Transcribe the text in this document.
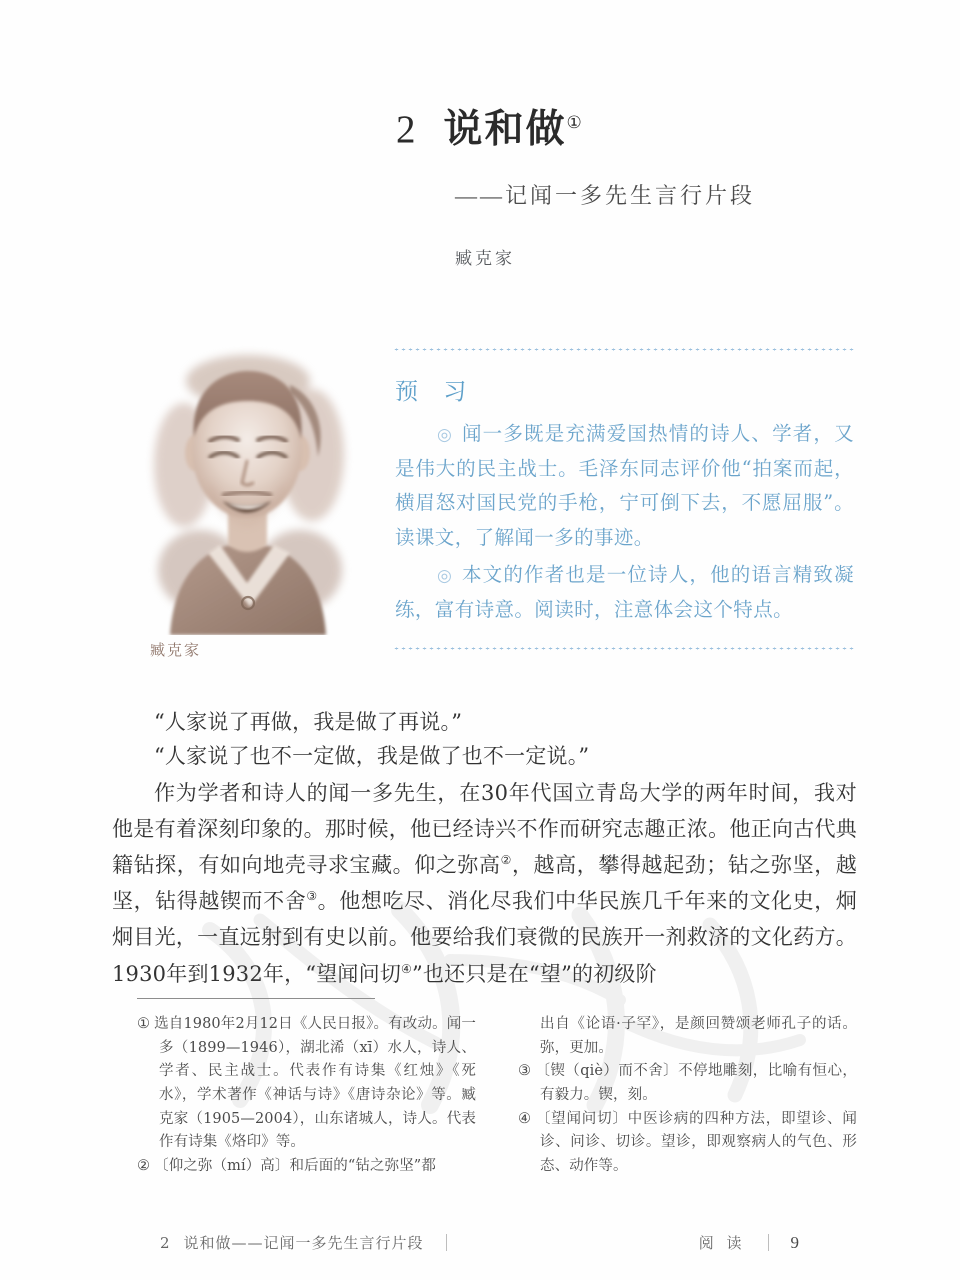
2 说和做①
——记闻一多先生言行片段
臧克家
臧克家
预 习
◎ 闻一多既是充满爱国热情的诗人、学者，又是伟大的民主战士。毛泽东同志评价他“拍案而起，横眉怒对国民党的手枪，宁可倒下去，不愿屈服”。读课文，了解闻一多的事迹。
◎ 本文的作者也是一位诗人，他的语言精致凝练，富有诗意。阅读时，注意体会这个特点。
“人家说了再做，我是做了再说。”
“人家说了也不一定做，我是做了也不一定说。”
作为学者和诗人的闻一多先生，在30年代国立青岛大学的两年时间，我对他是有着深刻印象的。那时候，他已经诗兴不作而研究志趣正浓。他正向古代典籍钻探，有如向地壳寻求宝藏。仰之弥高②，越高，攀得越起劲；钻之弥坚，越坚，钻得越锲而不舍③。他想吃尽、消化尽我们中华民族几千年来的文化史，炯炯目光，一直远射到有史以前。他要给我们衰微的民族开一剂救济的文化药方。1930年到1932年，“望闻问切④”也还只是在“望”的初级阶
① 选自1980年2月12日《人民日报》。有改动。闻一多（1899—1946），湖北浠（xī）水人，诗人、学者、民主战士。代表作有诗集《红烛》《死水》，学术著作《神话与诗》《唐诗杂论》等。臧克家（1905—2004），山东诸城人，诗人。代表作有诗集《烙印》等。
② 〔仰之弥（mí）高〕和后面的“钻之弥坚”都
出自《论语·子罕》，是颜回赞颂老师孔子的话。弥，更加。
③ 〔锲（qiè）而不舍〕不停地雕刻，比喻有恒心，有毅力。锲，刻。
④ 〔望闻问切〕中医诊病的四种方法，即望诊、闻诊、问诊、切诊。望诊，即观察病人的气色、形态、动作等。
2 说和做——记闻一多先生言行片段	阅 读	9
